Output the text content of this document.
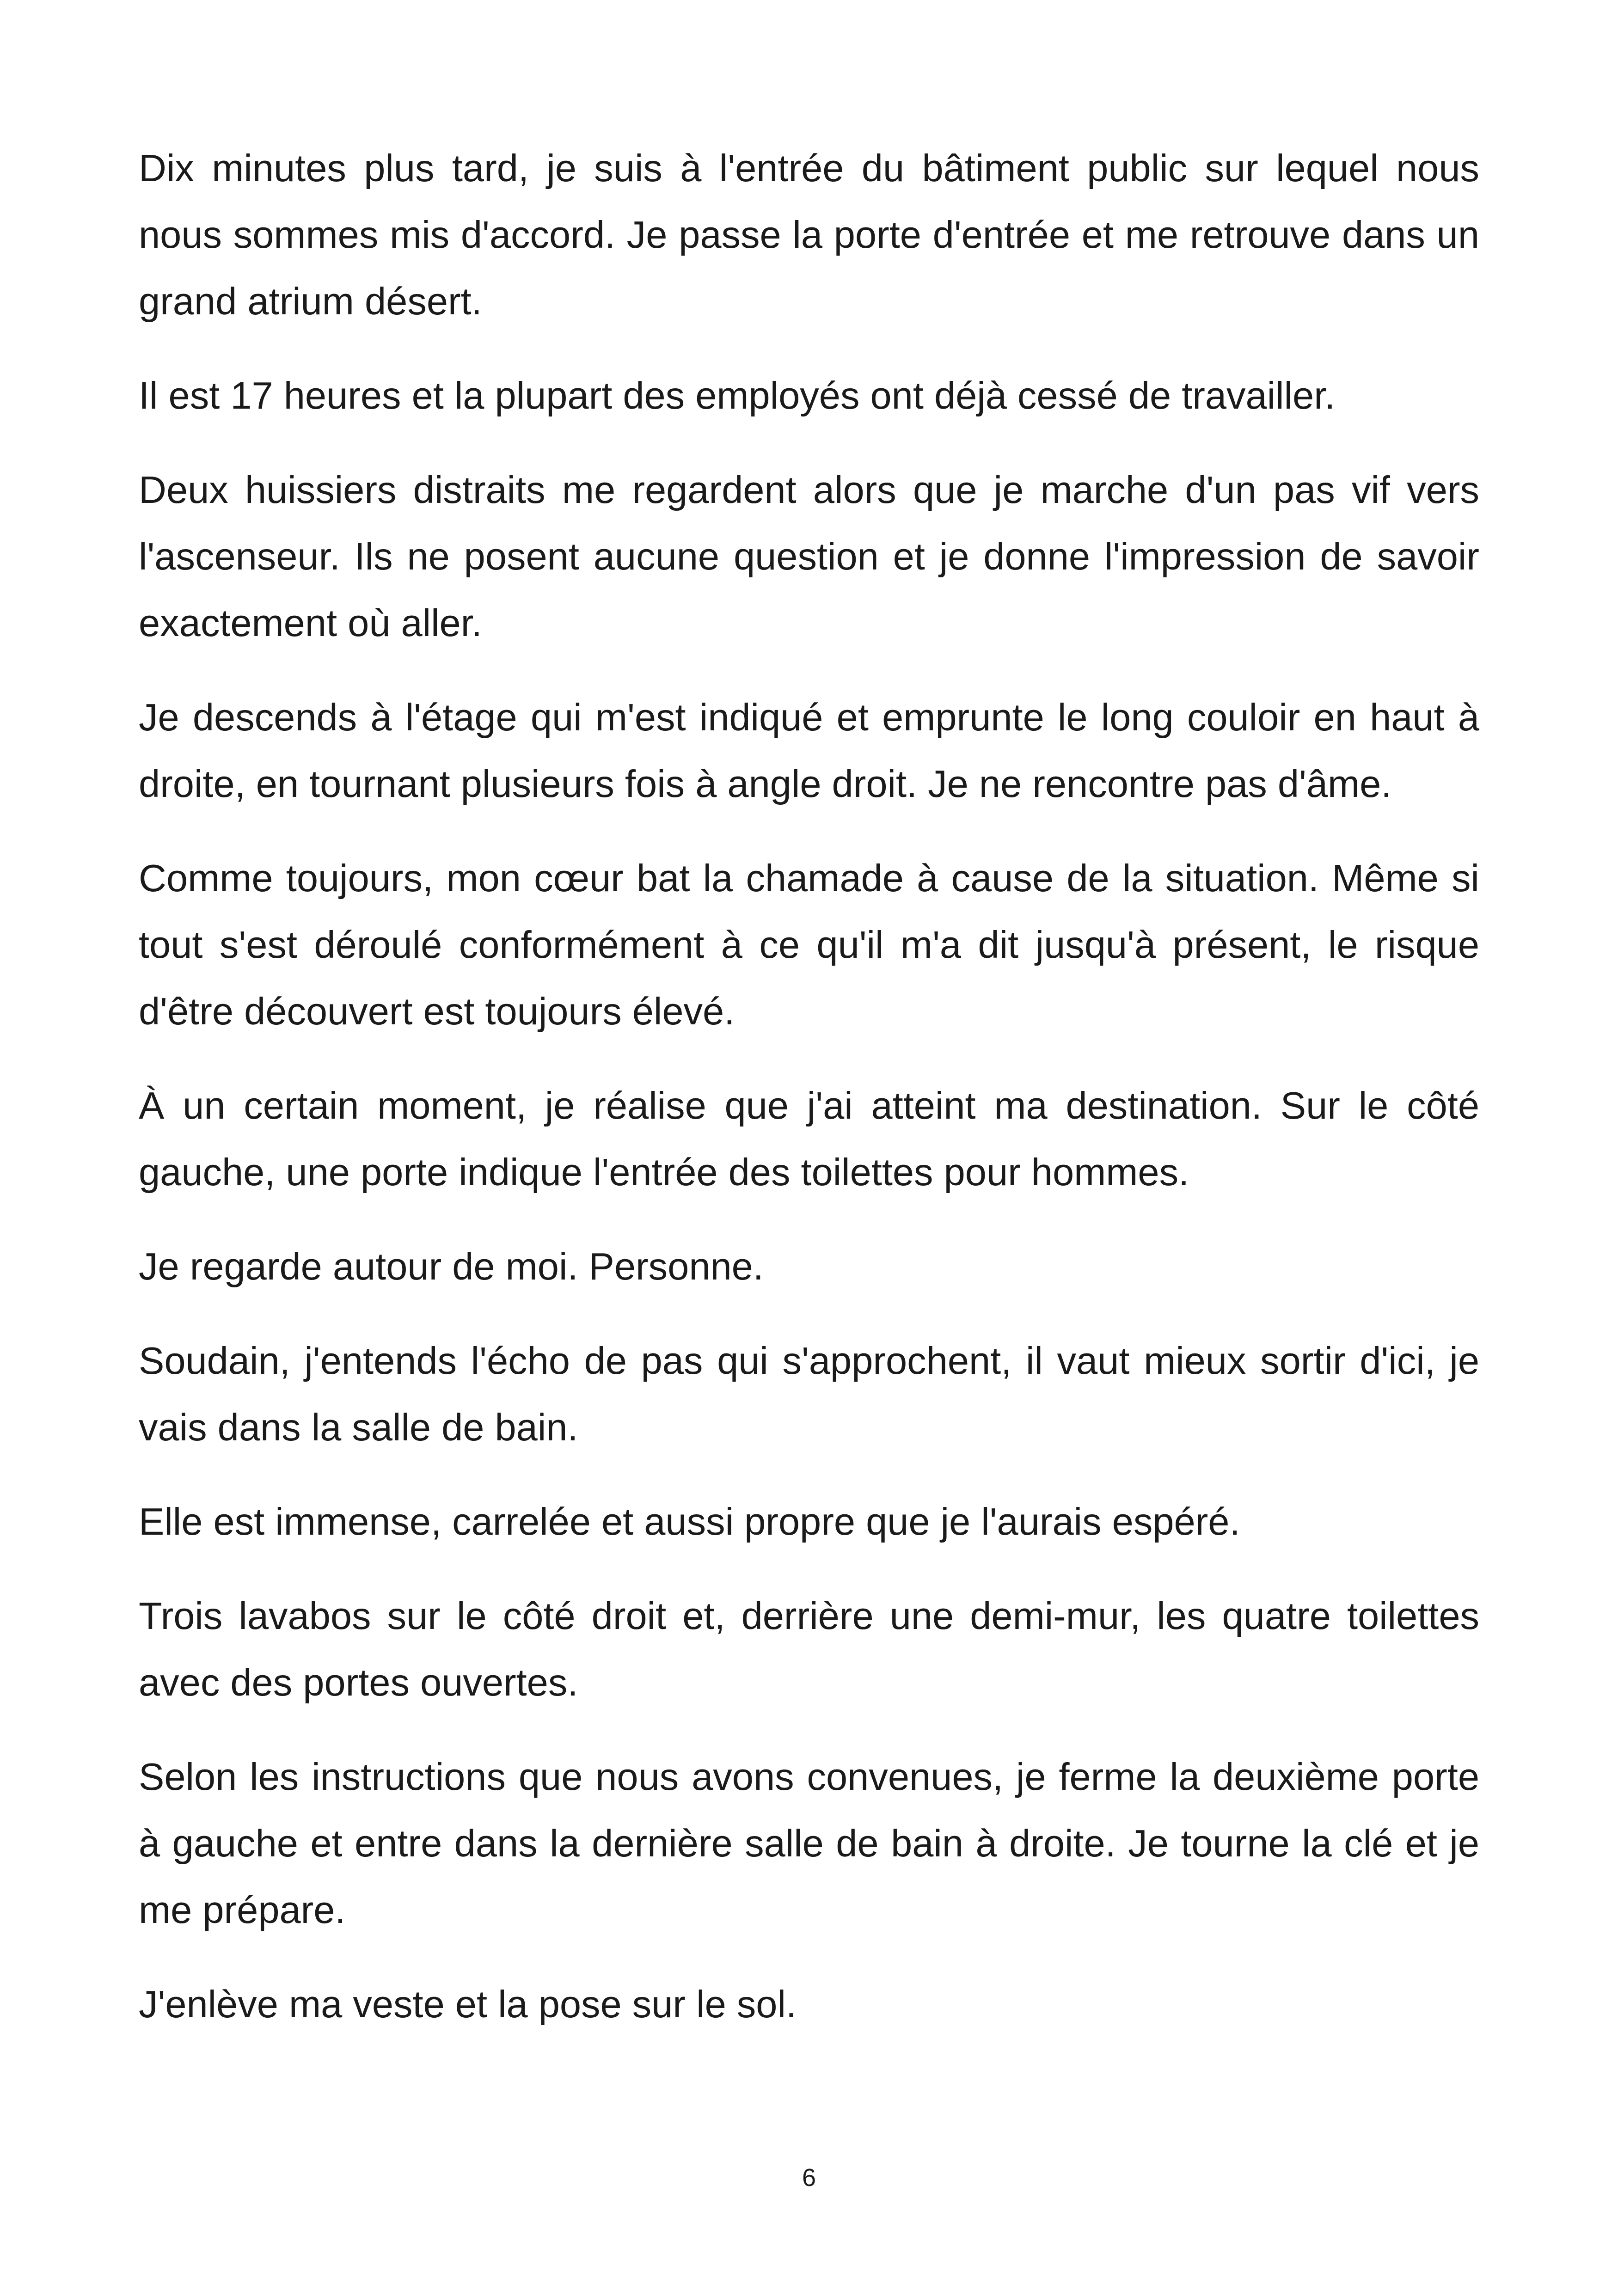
Dix minutes plus tard, je suis à l'entrée du bâtiment public sur lequel nous nous sommes mis d'accord. Je passe la porte d'entrée et me retrouve dans un grand atrium désert.

Il est 17 heures et la plupart des employés ont déjà cessé de travailler.

Deux huissiers distraits me regardent alors que je marche d'un pas vif vers l'ascenseur. Ils ne posent aucune question et je donne l'impression de savoir exactement où aller.

Je descends à l'étage qui m'est indiqué et emprunte le long couloir en haut à droite, en tournant plusieurs fois à angle droit. Je ne rencontre pas d'âme.

Comme toujours, mon cœur bat la chamade à cause de la situation. Même si tout s'est déroulé conformément à ce qu'il m'a dit jusqu'à présent, le risque d'être découvert est toujours élevé.

À un certain moment, je réalise que j'ai atteint ma destination. Sur le côté gauche, une porte indique l'entrée des toilettes pour hommes.

Je regarde autour de moi. Personne.

Soudain, j'entends l'écho de pas qui s'approchent, il vaut mieux sortir d'ici, je vais dans la salle de bain.

Elle est immense, carrelée et aussi propre que je l'aurais espéré.

Trois lavabos sur le côté droit et, derrière une demi-mur, les quatre toilettes avec des portes ouvertes.

Selon les instructions que nous avons convenues, je ferme la deuxième porte à gauche et entre dans la dernière salle de bain à droite. Je tourne la clé et je me prépare.

J'enlève ma veste et la pose sur le sol.

6
